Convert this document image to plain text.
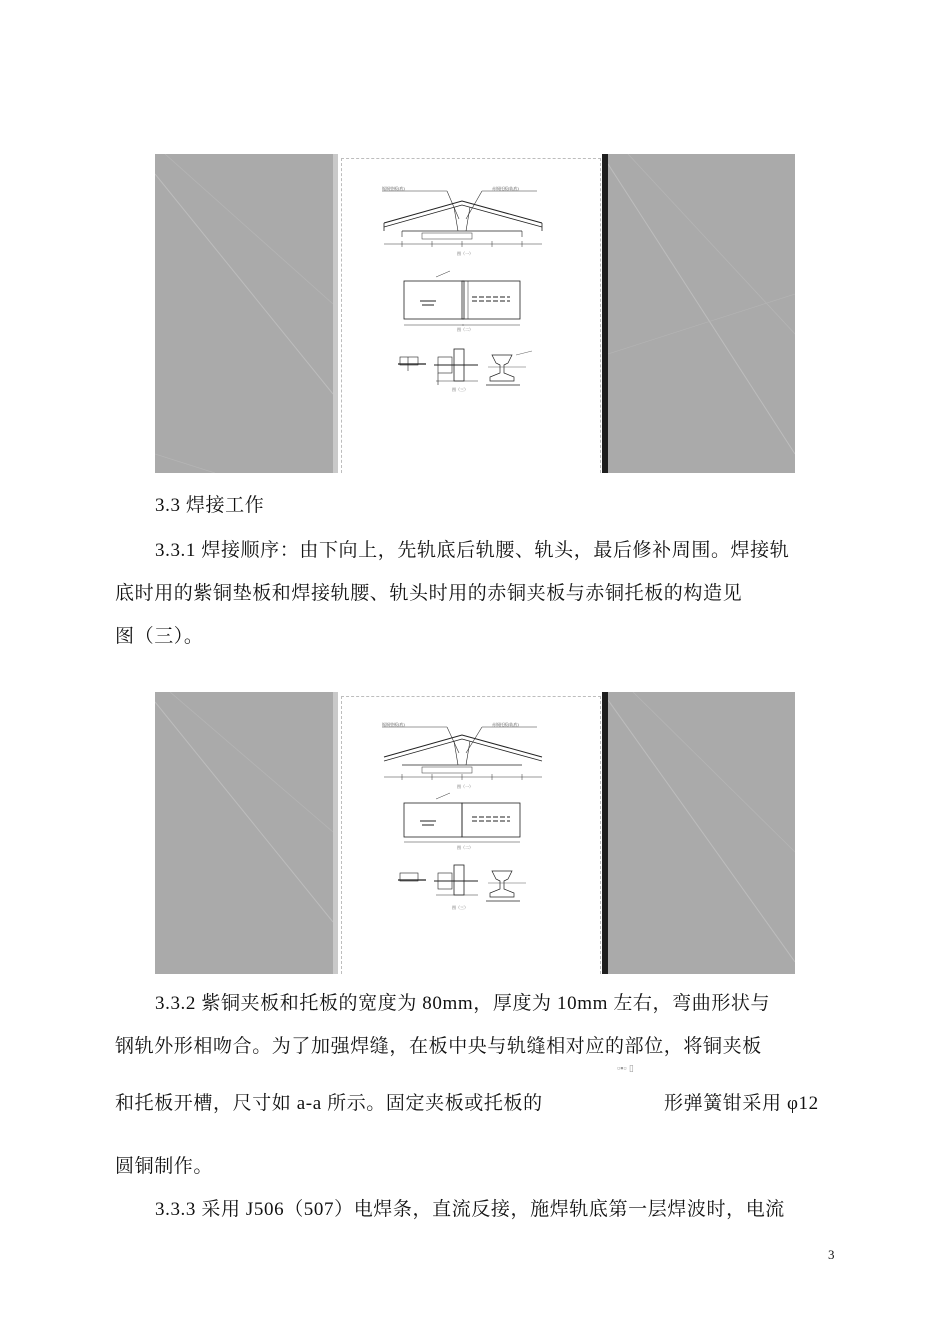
锯铜垫板(底)	赤铜托板(轨底)
图（一）
图（二）
图（三）
3.3 焊接工作
3.3.1 焊接顺序：由下向上，先轨底后轨腰、轨头，最后修补周围。焊接轨
底时用的紫铜垫板和焊接轨腰、轨头时用的赤铜夹板与赤铜托板的构造见
图（三）。
锯铜垫板(底)	赤铜托板(轨底)
图（一）
图（二）
图（三）
3.3.2 紫铜夹板和托板的宽度为 80mm，厚度为 10mm 左右，弯曲形状与
钢轨外形相吻合。为了加强焊缝，在板中央与轨缝相对应的部位，将铜夹板
和托板开槽，尺寸如 a-a 所示。固定夹板或托板的
▫▪▫ ▯
形弹簧钳采用 φ12
圆铜制作。
3.3.3 采用 J506（507）电焊条，直流反接，施焊轨底第一层焊波时，电流
3
